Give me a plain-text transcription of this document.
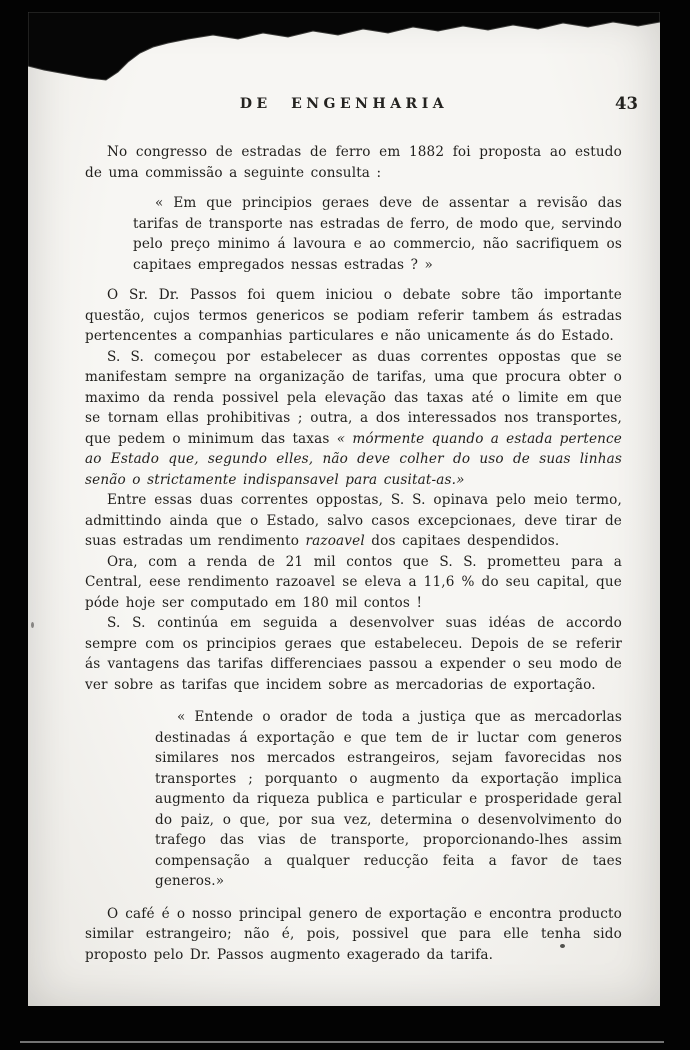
DE ENGENHARIA	43

No congresso de estradas de ferro em 1882 foi proposta ao estudo de uma commissão a seguinte consulta :

« Em que principios geraes deve de assentar a revisão das tarifas de transporte nas estradas de ferro, de modo que, servindo pelo preço minimo á lavoura e ao commercio, não sacrifiquem os capitaes empregados nessas estradas ? »

O Sr. Dr. Passos foi quem iniciou o debate sobre tão importante questão, cujos termos genericos se podiam referir tambem ás estradas pertencentes a companhias particulares e não unicamente ás do Estado.

S. S. começou por estabelecer as duas correntes oppostas que se manifestam sempre na organização de tarifas, uma que procura obter o maximo da renda possivel pela elevação das taxas até o limite em que se tornam ellas prohibitivas ; outra, a dos interessados nos transportes, que pedem o minimum das taxas « mórmente quando a estada pertence ao Estado que, segundo elles, não deve colher do uso de suas linhas senão o strictamente indispansavel para cusitat-as.»

Entre essas duas correntes oppostas, S. S. opinava pelo meio termo, admittindo ainda que o Estado, salvo casos excepcionaes, deve tirar de suas estradas um rendimento razoavel dos capitaes despendidos.

Ora, com a renda de 21 mil contos que S. S. prometteu para a Central, eese rendimento razoavel se eleva a 11,6 % do seu capital, que póde hoje ser computado em 180 mil contos !

S. S. continúa em seguida a desenvolver suas idéas de accordo sempre com os principios geraes que estabeleceu. Depois de se referir ás vantagens das tarifas differenciaes passou a expender o seu modo de ver sobre as tarifas que incidem sobre as mercadorias de exportação.

« Entende o orador de toda a justiça que as mercadorlas destinadas á exportação e que tem de ir luctar com generos similares nos mercados estrangeiros, sejam favorecidas nos transportes ; porquanto o augmento da exportação implica augmento da riqueza publica e particular e prosperidade geral do paiz, o que, por sua vez, determina o desenvolvimento do trafego das vias de transporte, proporcionando-lhes assim compensação a qualquer reducção feita a favor de taes generos.»

O café é o nosso principal genero de exportação e encontra producto similar estrangeiro; não é, pois, possivel que para elle tenha sido proposto pelo Dr. Passos augmento exagerado da tarifa.
